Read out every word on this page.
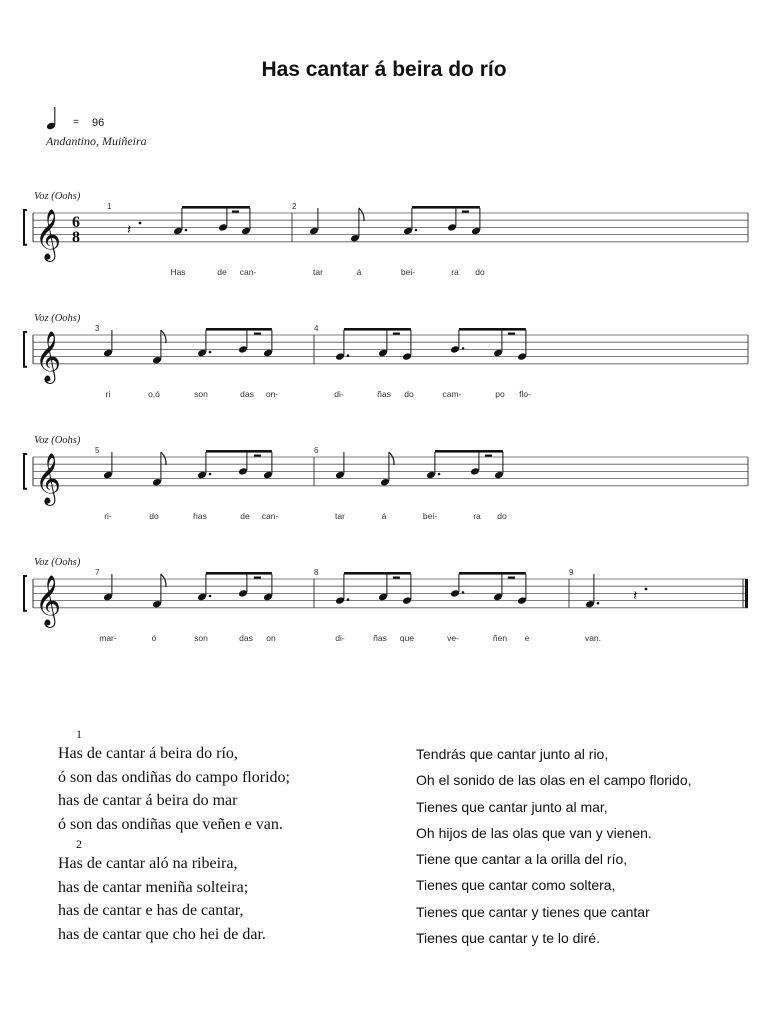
Has cantar á beira do río
= 96
Andantino, Muiñeira
Voz (Oohs)
𝄞 6
8
1	2
𝄽
Has	de can-	tar	á	bei-	ra do
Voz (Oohs)
𝄞
3	4
ri	o,ó	son	das on-	di-	ñas do	cam-	po flo-
Voz (Oohs)
𝄞
5	6
ri-	do	has	de can-	tar	á	bei-	ra do
Voz (Oohs)
𝄞
7	8	9
𝄽
mar-	ó	son	das on	di-	ñas que	ve-	ñen e	van.
1
Has de cantar á beira do río,
ó son das ondiñas do campo florido;
has de cantar á beira do mar
ó son das ondiñas que veñen e van.
2
Has de cantar aló na ribeira,
has de cantar meniña solteira;
has de cantar e has de cantar,
has de cantar que cho hei de dar.
Tendrás que cantar junto al rio,
Oh el sonido de las olas en el campo florido,
Tienes que cantar junto al mar,
Oh hijos de las olas que van y vienen.
Tiene que cantar a la orilla del río,
Tienes que cantar como soltera,
Tienes que cantar y tienes que cantar
Tienes que cantar y te lo diré.
